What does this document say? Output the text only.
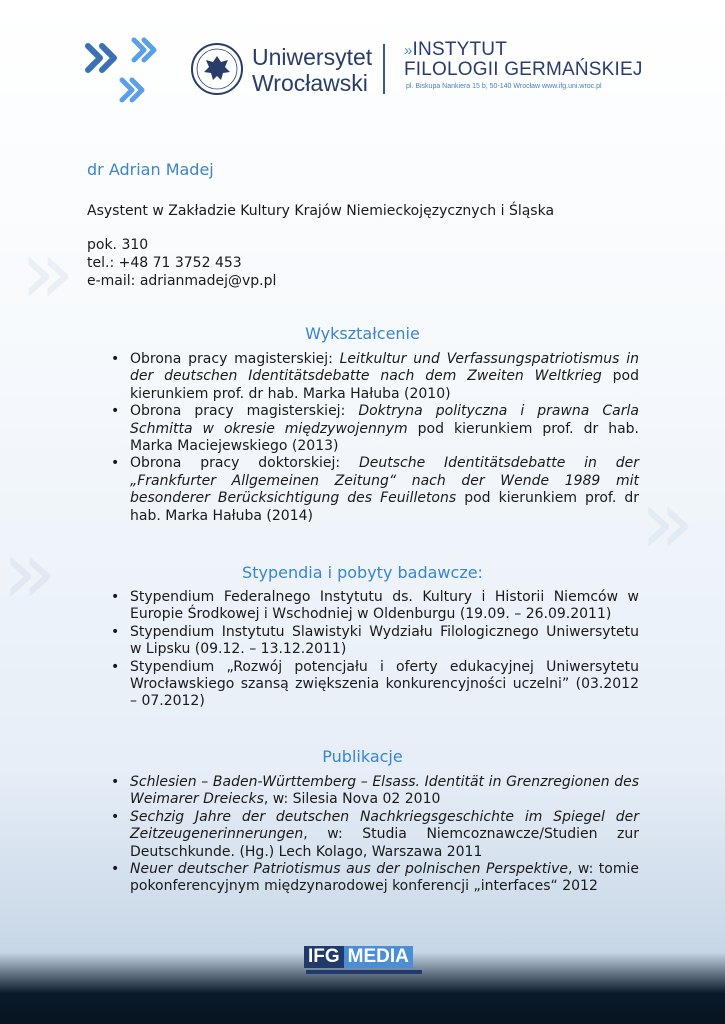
»	»
»
Uniwersytet
Wrocławski
»INSTYTUT
FILOLOGII GERMAŃSKIEJ
pl. Biskupa Nankiera 15 b, 50-140 Wrocław www.ifg.uni.wroc.pl
dr Adrian Madej
Asystent w Zakładzie Kultury Krajów Niemieckojęzycznych i Śląska
pok. 310
tel.: +48 71 3752 453
e-mail: adrianmadej@vp.pl
Wykształcenie
• Obrona pracy magisterskiej: Leitkultur und Verfassungspatriotismus in der deutschen Identitätsdebatte nach dem Zweiten Weltkrieg pod kierunkiem prof. dr hab. Marka Hałuba (2010)
• Obrona pracy magisterskiej: Doktryna polityczna i prawna Carla Schmitta w okresie międzywojennym pod kierunkiem prof. dr hab. Marka Maciejewskiego (2013)
• Obrona pracy doktorskiej: Deutsche Identitätsdebatte in der „Frankfurter Allgemeinen Zeitung“ nach der Wende 1989 mit besonderer Berücksichtigung des Feuilletons pod kierunkiem prof. dr hab. Marka Hałuba (2014)
Stypendia i pobyty badawcze:
• Stypendium Federalnego Instytutu ds. Kultury i Historii Niemców w Europie Środkowej i Wschodniej w Oldenburgu (19.09. – 26.09.2011)
• Stypendium Instytutu Slawistyki Wydziału Filologicznego Uniwersytetu w Lipsku (09.12. – 13.12.2011)
• Stypendium „Rozwój potencjału i oferty edukacyjnej Uniwersytetu Wrocławskiego szansą zwiększenia konkurencyjności uczelni” (03.2012 – 07.2012)
Publikacje
• Schlesien – Baden-Württemberg – Elsass. Identität in Grenzregionen des Weimarer Dreiecks, w: Silesia Nova 02 2010
• Sechzig Jahre der deutschen Nachkriegsgeschichte im Spiegel der Zeitzeugenerinnerungen, w: Studia Niemcoznawcze/Studien zur Deutschkunde. (Hg.) Lech Kolago, Warszawa 2011
• Neuer deutscher Patriotismus aus der polnischen Perspektive, w: tomie pokonferencyjnym międzynarodowej konferencji „interfaces“ 2012
IFG MEDIA
